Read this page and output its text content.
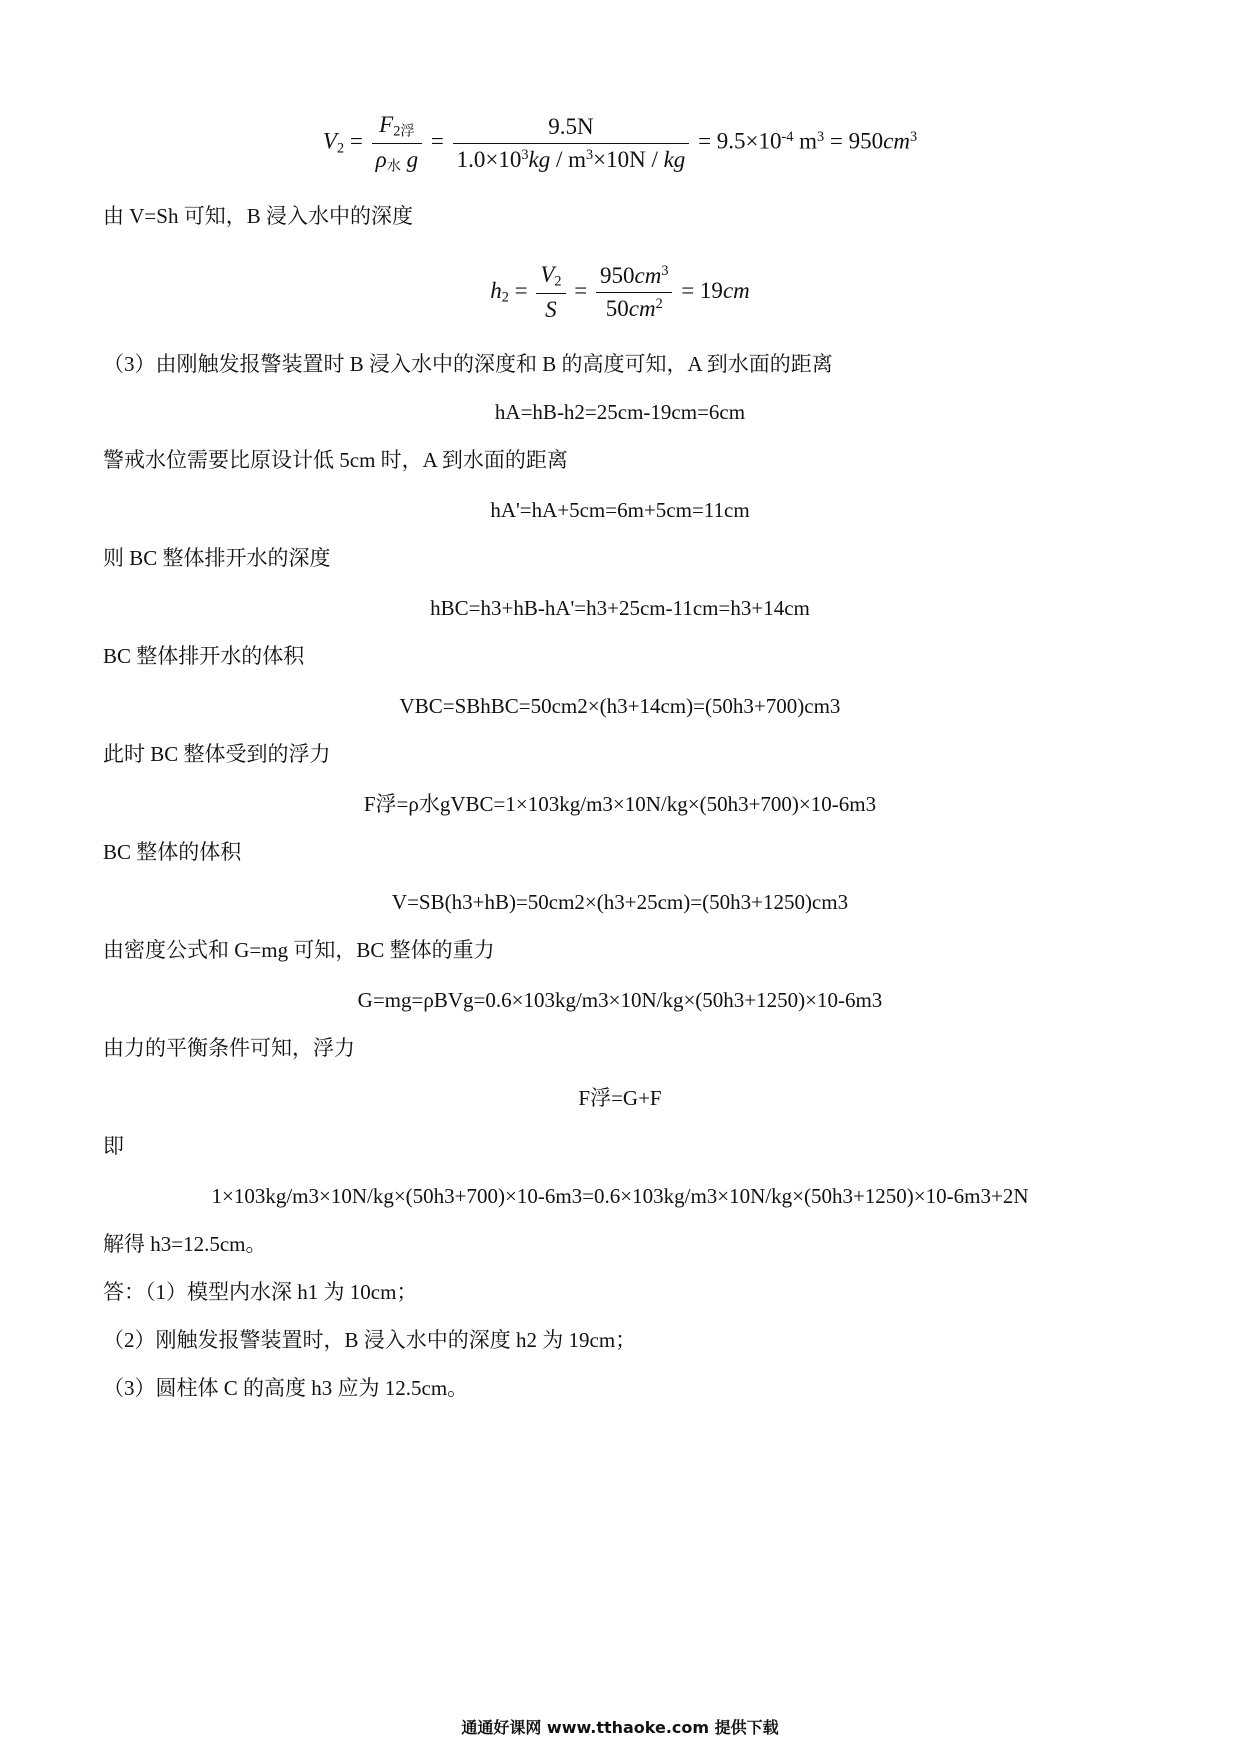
$V_2 = \frac{F_{2浮}}{\rho_水 g} = \frac{9.5N}{1.0\times 10^3kg / m^3\times 10N / kg} = 9.5\times 10^{-4}$ $m^3 = 950cm^3$
由 V=Sh 可知，B 浸入水中的深度
$h_2 = \frac{V_2}{S} = \frac{950cm^3}{50cm^2} = 19cm$
（3）由刚触发报警装置时 B 浸入水中的深度和 B 的高度可知，A 到水面的距离
hA=hB-h2=25cm-19cm=6cm
警戒水位需要比原设计低 5cm 时，A 到水面的距离
hA'=hA+5cm=6m+5cm=11cm
则 BC 整体排开水的深度
hBC=h3+hB-hA'=h3+25cm-11cm=h3+14cm
BC 整体排开水的体积
VBC=SBhBC=50cm2×(h3+14cm)=(50h3+700)cm3
此时 BC 整体受到的浮力
F浮=ρ水gVBC=1×103kg/m3×10N/kg×(50h3+700)×10-6m3
BC 整体的体积
V=SB(h3+hB)=50cm2×(h3+25cm)=(50h3+1250)cm3
由密度公式和 G=mg 可知，BC 整体的重力
G=mg=ρBVg=0.6×103kg/m3×10N/kg×(50h3+1250)×10-6m3
由力的平衡条件可知，浮力
F浮=G+F
即
1×103kg/m3×10N/kg×(50h3+700)×10-6m3=0.6×103kg/m3×10N/kg×(50h3+1250)×10-6m3+2N
解得 h3=12.5cm。
答：（1）模型内水深 h1 为 10cm；
（2）刚触发报警装置时，B 浸入水中的深度 h2 为 19cm；
（3）圆柱体 C 的高度 h3 应为 12.5cm。
通通好课网 www.tthaoke.com 提供下载
